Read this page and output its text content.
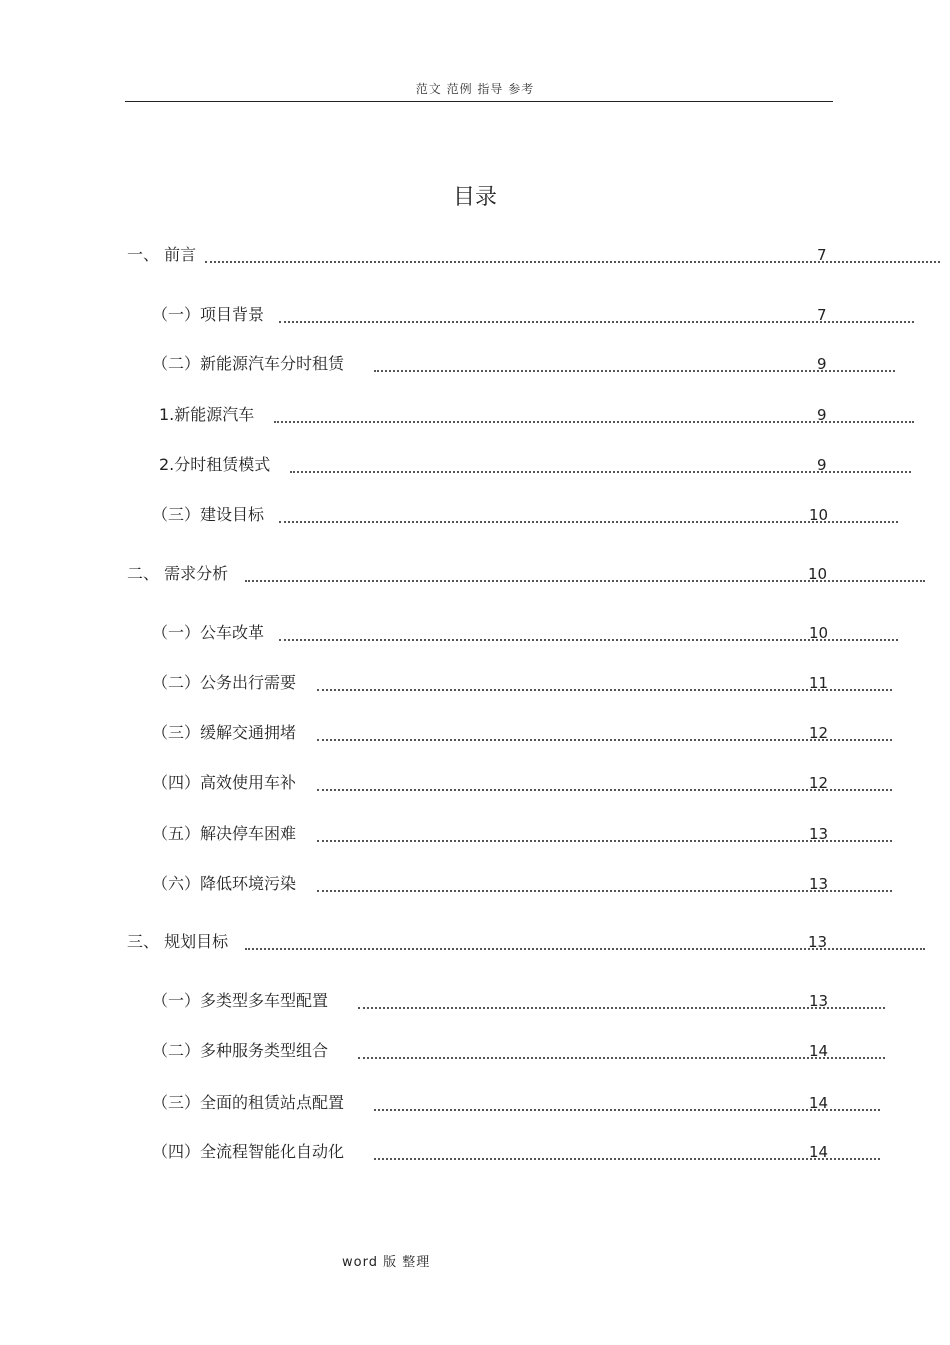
范文 范例 指导 参考
目录
一、 前言	7
（一）项目背景	7
（二）新能源汽车分时租赁	9
1.新能源汽车	9
2.分时租赁模式	9
（三）建设目标	10
二、 需求分析	10
（一）公车改革	10
（二）公务出行需要	11
（三）缓解交通拥堵	12
（四）高效使用车补	12
（五）解决停车困难	13
（六）降低环境污染	13
三、 规划目标	13
（一）多类型多车型配置	13
（二）多种服务类型组合	14
（三）全面的租赁站点配置	14
（四）全流程智能化自动化	14
word 版 整理
